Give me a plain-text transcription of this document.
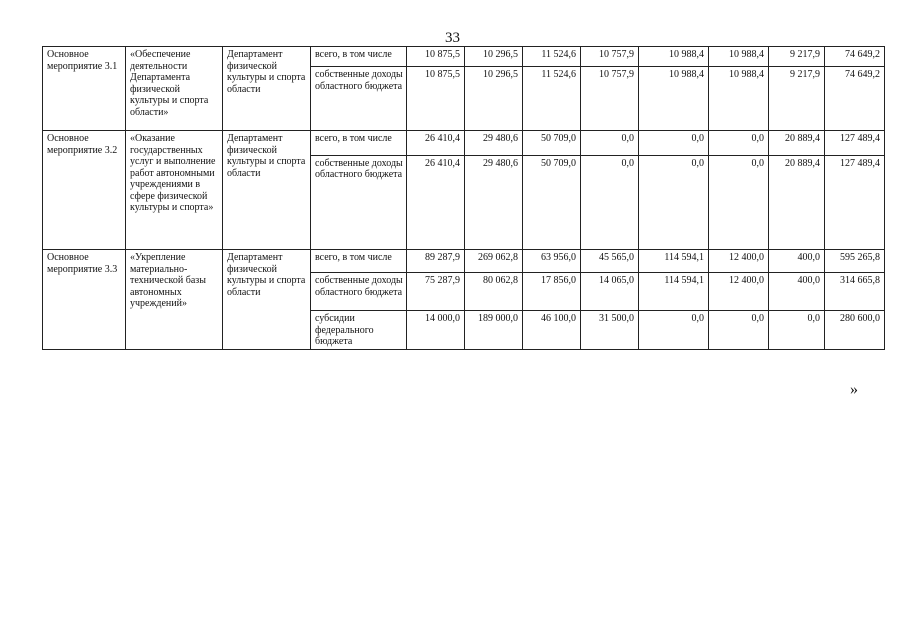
33
Основное мероприятие 3.1	«Обеспечение деятельности Департамента физической культуры и спорта области»	Департамент физической культуры и спорта области	всего, в том числе	10 875,5	10 296,5	11 524,6	10 757,9	10 988,4	10 988,4	9 217,9	74 649,2
			собственные доходы областного бюджета	10 875,5	10 296,5	11 524,6	10 757,9	10 988,4	10 988,4	9 217,9	74 649,2
Основное мероприятие 3.2	«Оказание государственных услуг и выполнение работ автономными учреждениями в сфере физической культуры и спорта»	Департамент физической культуры и спорта области	всего, в том числе	26 410,4	29 480,6	50 709,0	0,0	0,0	0,0	20 889,4	127 489,4
			собственные доходы областного бюджета	26 410,4	29 480,6	50 709,0	0,0	0,0	0,0	20 889,4	127 489,4
Основное мероприятие 3.3	«Укрепление материально-технической базы автономных учреждений»	Департамент физической культуры и спорта области	всего, в том числе	89 287,9	269 062,8	63 956,0	45 565,0	114 594,1	12 400,0	400,0	595 265,8
			собственные доходы областного бюджета	75 287,9	80 062,8	17 856,0	14 065,0	114 594,1	12 400,0	400,0	314 665,8
			субсидии федерального бюджета	14 000,0	189 000,0	46 100,0	31 500,0	0,0	0,0	0,0	280 600,0
»
